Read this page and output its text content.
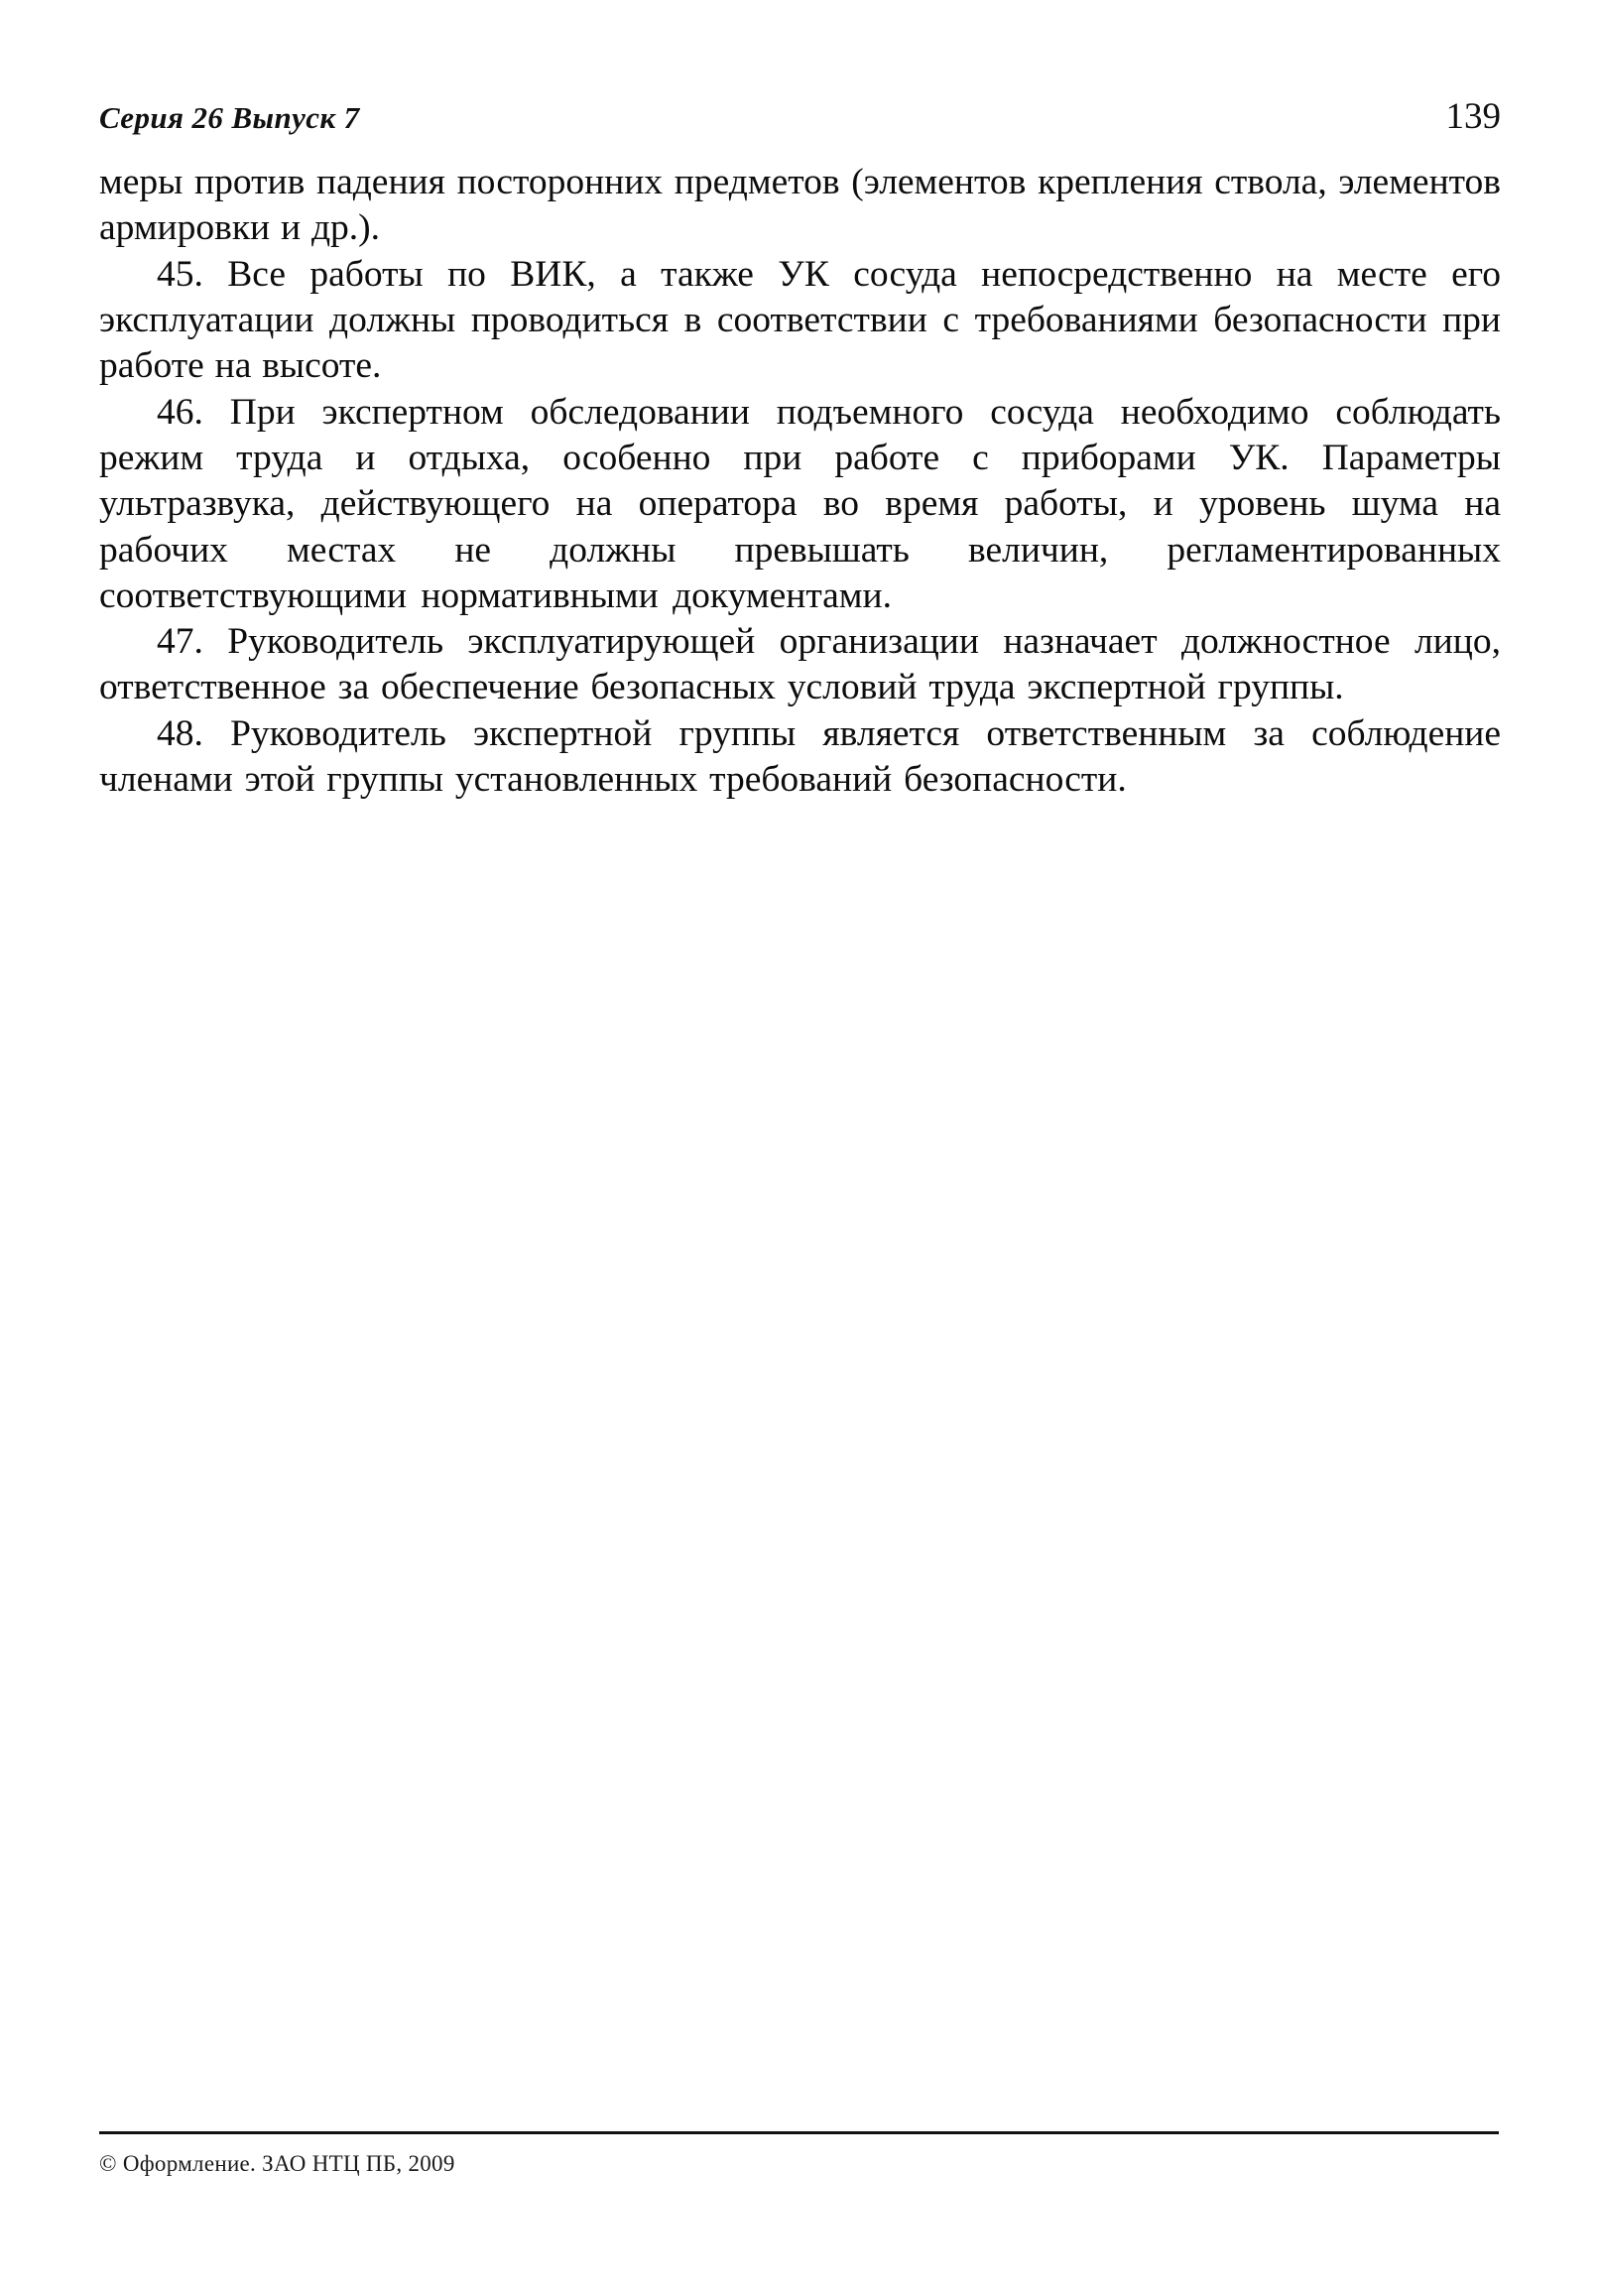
Серия 26 Выпуск 7	139

меры против падения посторонних предметов (элементов крепления ствола, элементов армировки и др.).

45. Все работы по ВИК, а также УК сосуда непосредственно на месте его эксплуатации должны проводиться в соответствии с требованиями безопасности при работе на высоте.

46. При экспертном обследовании подъемного сосуда необходимо соблюдать режим труда и отдыха, особенно при работе с приборами УК. Параметры ультразвука, действующего на оператора во время работы, и уровень шума на рабочих местах не должны превышать величин, регламентированных соответствующими нормативными документами.

47. Руководитель эксплуатирующей организации назначает должностное лицо, ответственное за обеспечение безопасных условий труда экспертной группы.

48. Руководитель экспертной группы является ответственным за соблюдение членами этой группы установленных требований безопасности.

© Оформление. ЗАО НТЦ ПБ, 2009
